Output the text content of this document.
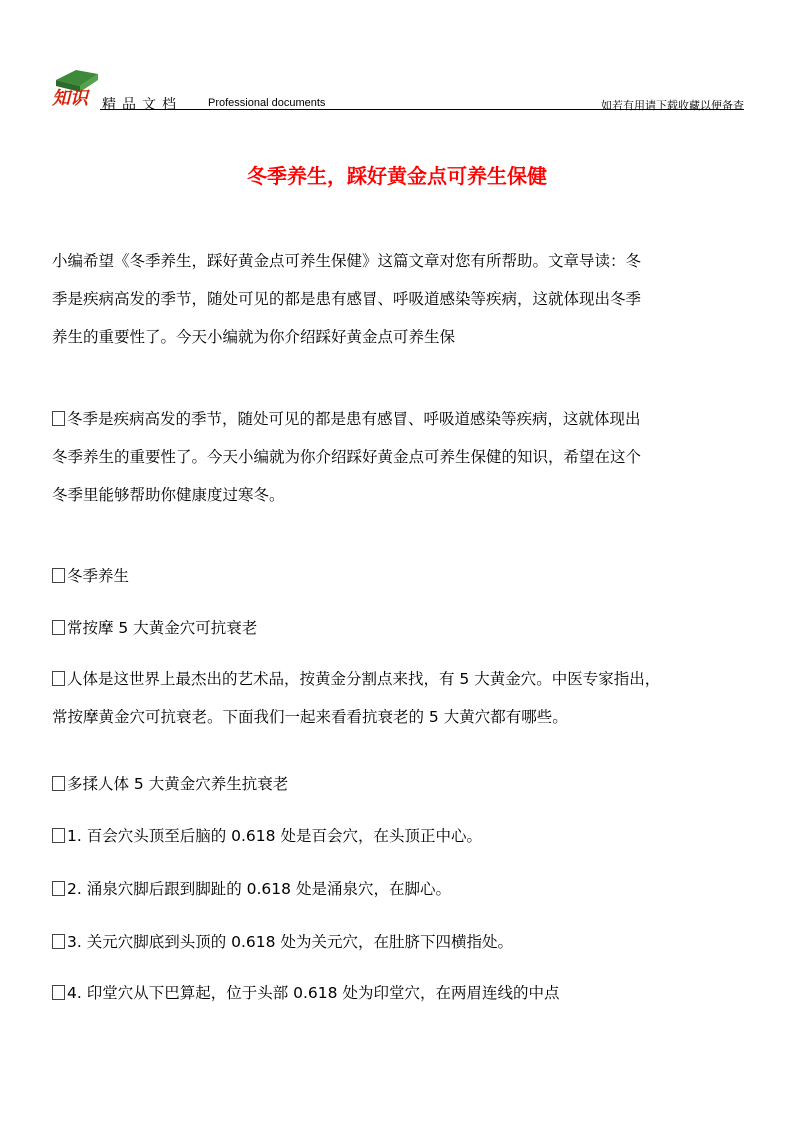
知识 精品文档 Professional documents	如若有用请下载收藏以便备查
冬季养生，踩好黄金点可养生保健
小编希望《冬季养生，踩好黄金点可养生保健》这篇文章对您有所帮助。文章导读：冬
季是疾病高发的季节，随处可见的都是患有感冒、呼吸道感染等疾病，这就体现出冬季
养生的重要性了。今天小编就为你介绍踩好黄金点可养生保
冬季是疾病高发的季节，随处可见的都是患有感冒、呼吸道感染等疾病，这就体现出
冬季养生的重要性了。今天小编就为你介绍踩好黄金点可养生保健的知识，希望在这个
冬季里能够帮助你健康度过寒冬。
冬季养生
常按摩 5 大黄金穴可抗衰老
人体是这世界上最杰出的艺术品，按黄金分割点来找，有 5 大黄金穴。中医专家指出，
常按摩黄金穴可抗衰老。下面我们一起来看看抗衰老的 5 大黄穴都有哪些。
多揉人体 5 大黄金穴养生抗衰老
1. 百会穴头顶至后脑的 0.618 处是百会穴，在头顶正中心。
2. 涌泉穴脚后跟到脚趾的 0.618 处是涌泉穴，在脚心。
3. 关元穴脚底到头顶的 0.618 处为关元穴，在肚脐下四横指处。
4. 印堂穴从下巴算起，位于头部 0.618 处为印堂穴，在两眉连线的中点
